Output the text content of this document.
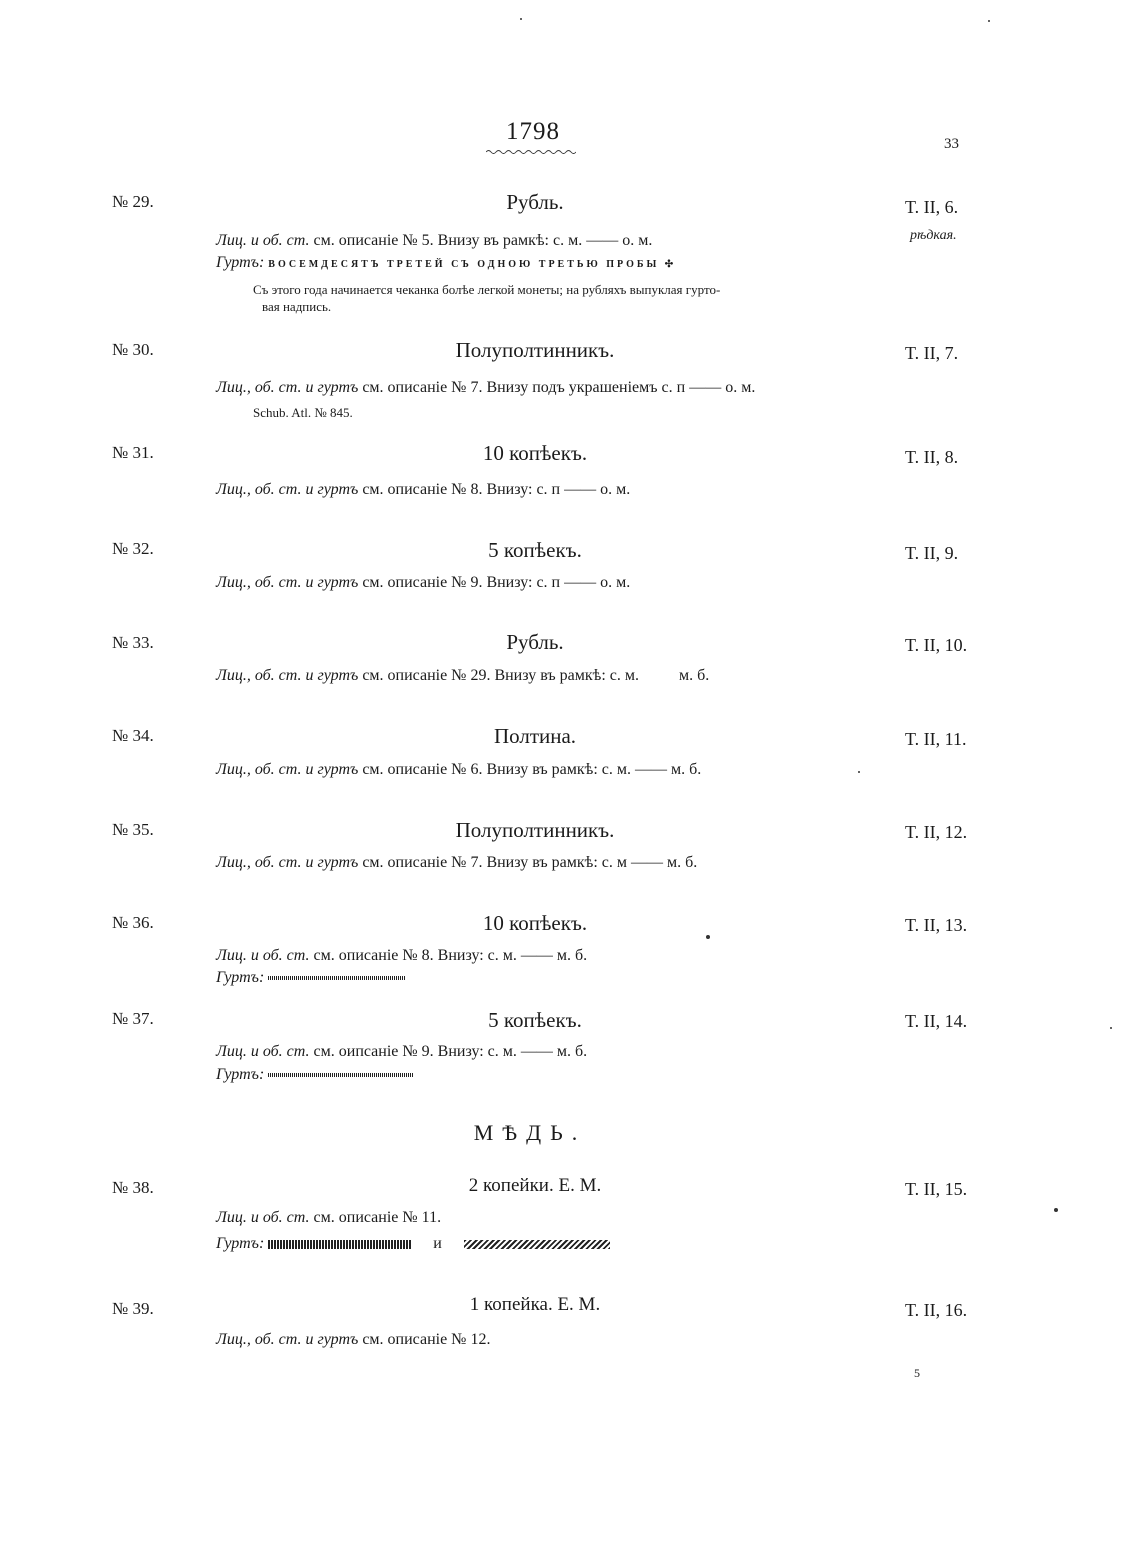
1798	33
№ 29.	Рубль.	T. II, 6.
рѣдкая.
Лиц. и об. ст. см. описанiе № 5. Внизу въ рамкѣ: с. м. —— о. м.
Гуртъ: ВОСЕМДЕСЯТЪ ТРЕТЕЙ СЪ ОДНОЮ ТРЕТЬЮ ПРОБЫ ✣
Съ этого года начинается чеканка болѣе легкой монеты; на рубляхъ выпуклая гурто-
вая надпись.
№ 30.	Полуполтинникъ.	T. II, 7.
Лиц., об. ст. и гуртъ см. описанiе № 7. Внизу подъ украшенiемъ с. п —— о. м.
Schub. Atl. № 845.
№ 31.	10 копѣекъ.	T. II, 8.
Лиц., об. ст. и гуртъ см. описанiе № 8. Внизу: с. п —— о. м.
№ 32.	5 копѣекъ.	T. II, 9.
Лиц., об. ст. и гуртъ см. описанiе № 9. Внизу: с. п —— о. м.
№ 33.	Рубль.	T. II, 10.
Лиц., об. ст. и гуртъ см. описанiе № 29. Внизу въ рамкѣ: с. м.          м. б.
№ 34.	Полтина.	T. II, 11.
Лиц., об. ст. и гуртъ см. описанiе № 6. Внизу въ рамкѣ: с. м. —— м. б.
№ 35.	Полуполтинникъ.	T. II, 12.
Лиц., об. ст. и гуртъ см. описанiе № 7. Внизу въ рамкѣ: с. м —— м. б.
№ 36.	10 копѣекъ.	T. II, 13.
Лиц. и об. ст. см. описанiе № 8. Внизу: с. м. —— м. б.
Гуртъ:
№ 37.	5 копѣекъ.	T. II, 14.
Лиц. и об. ст. см. оипсанiе № 9. Внизу: с. м. —— м. б.
Гуртъ:
МѢДЬ.
№ 38.	2 копейки. Е. М.	T. II, 15.
Лиц. и об. ст. см. описанiе № 11.
Гуртъ:	и
№ 39.	1 копейка. Е. М.	T. II, 16.
Лиц., об. ст. и гуртъ см. описанiе № 12.
5
